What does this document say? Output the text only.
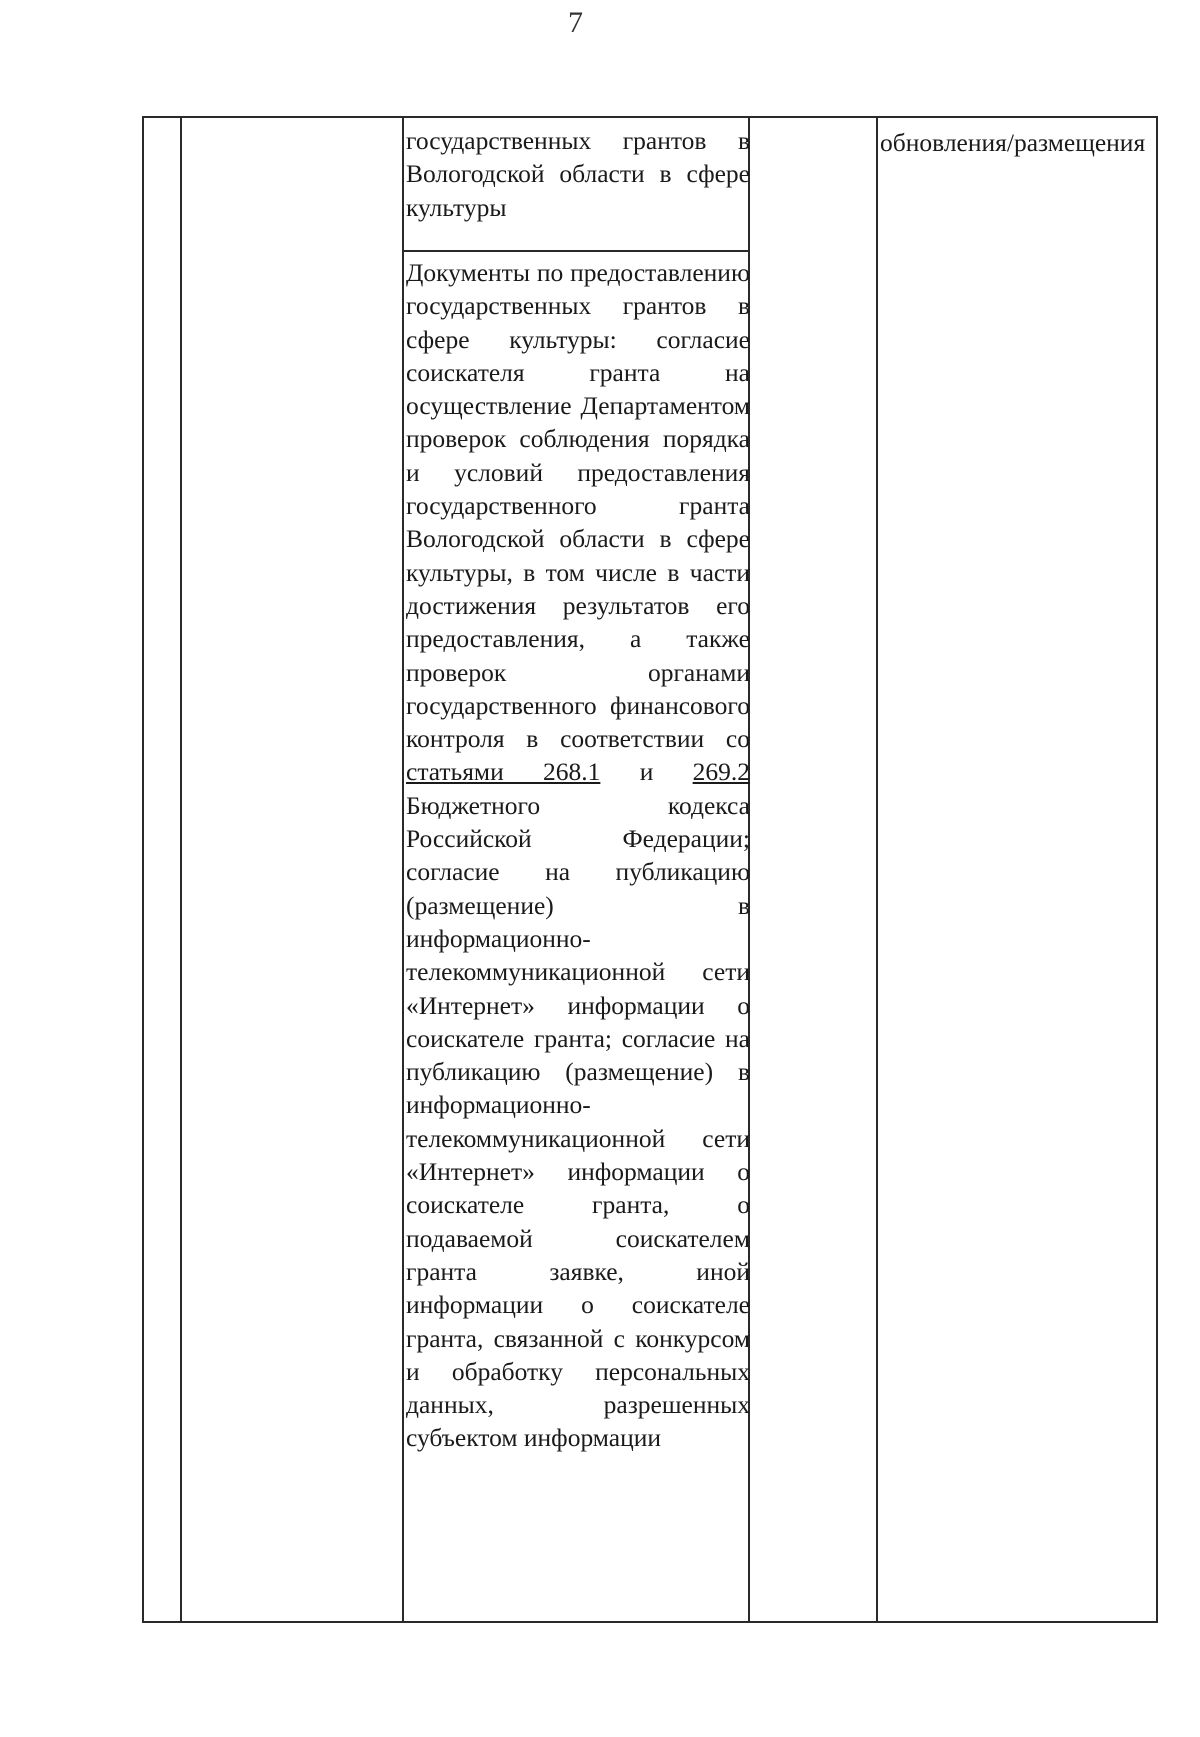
7
государственных грантов в Вологодской области в сфере культуры
Документы по предоставлению государственных грантов в сфере культуры: согласие соискателя гранта на осуществление Департаментом проверок соблюдения порядка и условий предоставления государственного гранта Вологодской области в сфере культуры, в том числе в части достижения результатов его предоставления, а также проверок органами государственного финансового контроля в соответствии со статьями 268.1 и 269.2 Бюджетного кодекса Российской Федерации; согласие на публикацию (размещение) в информационно-телекоммуникационной сети «Интернет» информации о соискателе гранта; согласие на публикацию (размещение) в информационно-телекоммуникационной сети «Интернет» информации о соискателе гранта, о подаваемой соискателем гранта заявке, иной информации о соискателе гранта, связанной с конкурсом и обработку персональных данных, разрешенных субъектом информации
обновления/размещения
